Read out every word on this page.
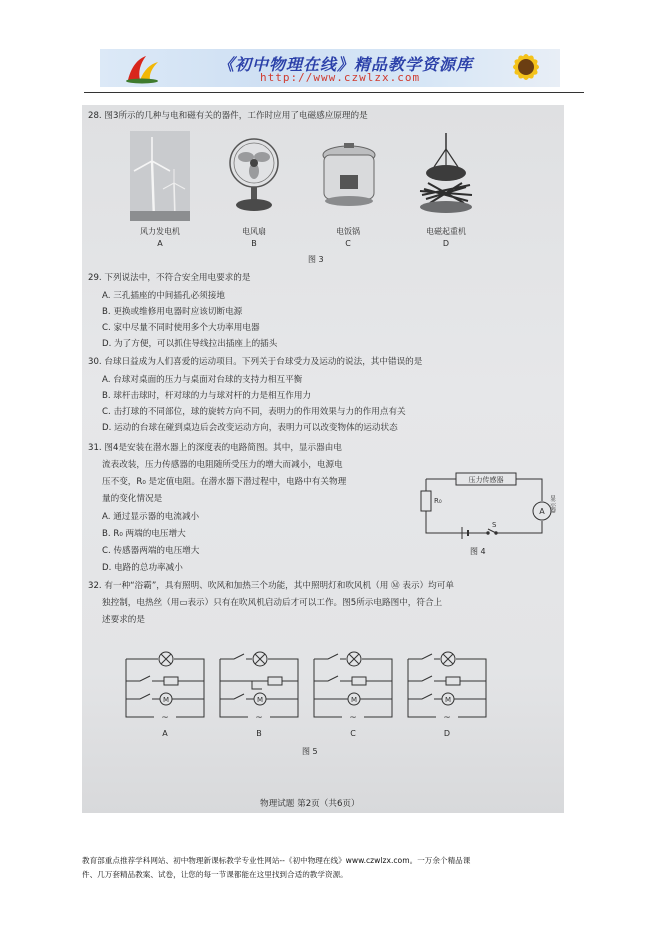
《初中物理在线》精品教学资源库
http://www.czwlzx.com
28. 图3所示的几种与电和磁有关的器件，工作时应用了电磁感应原理的是
风力发电机	电风扇	电饭锅	电磁起重机
A	B	C	D
图 3
29. 下列说法中，不符合安全用电要求的是
A. 三孔插座的中间插孔必须接地
B. 更换或维修用电器时应该切断电源
C. 家中尽量不同时使用多个大功率用电器
D. 为了方便，可以抓住导线拉出插座上的插头
30. 台球日益成为人们喜爱的运动项目。下列关于台球受力及运动的说法，其中错误的是
A. 台球对桌面的压力与桌面对台球的支持力相互平衡
B. 球杆击球时，杆对球的力与球对杆的力是相互作用力
C. 击打球的不同部位，球的旋转方向不同，表明力的作用效果与力的作用点有关
D. 运动的台球在碰到桌边后会改变运动方向，表明力可以改变物体的运动状态
31. 图4是安装在潜水器上的深度表的电路简图。其中，显示器由电
流表改装，压力传感器的电阻随所受压力的增大而减小，电源电
压不变，R₀ 是定值电阻。在潜水器下潜过程中，电路中有关物理
量的变化情况是
A. 通过显示器的电流减小
B. R₀ 两端的电压增大
C. 传感器两端的电压增大
D. 电路的总功率减小
压力传感器
R₀
A
S
显示器
图 4
32. 有一种“浴霸”，具有照明、吹风和加热三个功能，其中照明灯和吹风机（用 Ⓜ 表示）均可单
独控制，电热丝（用▭表示）只有在吹风机启动后才可以工作。图5所示电路图中，符合上
述要求的是
M
~
M
~
M
~
M
~
A	B	C	D
图 5
物理试题 第2页（共6页）
教育部重点推荐学科网站、初中物理新课标教学专业性网站--《初中物理在线》www.czwlzx.com。一万余个精品课
件、几万套精品教案、试卷，让您的每一节课都能在这里找到合适的教学资源。
